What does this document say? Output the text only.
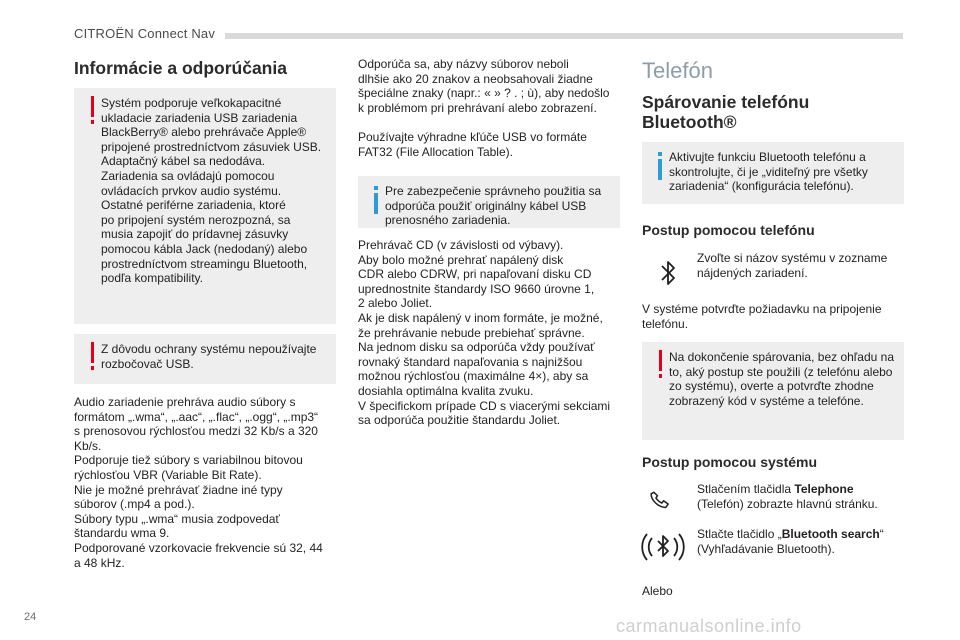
CITROËN Connect Nav
Informácie a odporúčania
Systém podporuje veľkokapacitné
ukladacie zariadenia USB zariadenia
BlackBerry® alebo prehrávače Apple®
pripojené prostredníctvom zásuviek USB.
Adaptačný kábel sa nedodáva.
Zariadenia sa ovládajú pomocou
ovládacích prvkov audio systému.
Ostatné periférne zariadenia, ktoré
po pripojení systém nerozpozná, sa
musia zapojiť do prídavnej zásuvky
pomocou kábla Jack (nedodaný) alebo
prostredníctvom streamingu Bluetooth,
podľa kompatibility.
Z dôvodu ochrany systému nepoužívajte
rozbočovač USB.
Audio zariadenie prehráva audio súbory s
formátom „.wma“, „.aac“, „.flac“, „.ogg“, „.mp3“
s prenosovou rýchlosťou medzi 32 Kb/s a 320
Kb/s.
Podporuje tiež súbory s variabilnou bitovou
rýchlosťou VBR (Variable Bit Rate).
Nie je možné prehrávať žiadne iné typy
súborov (.mp4 a pod.).
Súbory typu „.wma“ musia zodpovedať
štandardu wma 9.
Podporované vzorkovacie frekvencie sú 32, 44
a 48 kHz.
Odporúča sa, aby názvy súborov neboli
dlhšie ako 20 znakov a neobsahovali žiadne
špeciálne znaky (napr.: « » ? . ; ù), aby nedošlo
k problémom pri prehrávaní alebo zobrazení.
Používajte výhradne kľúče USB vo formáte
FAT32 (File Allocation Table).
Pre zabezpečenie správneho použitia sa
odporúča použiť originálny kábel USB
prenosného zariadenia.
Prehrávač CD (v závislosti od výbavy).
Aby bolo možné prehrať napálený disk
CDR alebo CDRW, pri napaľovaní disku CD
uprednostnite štandardy ISO 9660 úrovne 1,
2 alebo Joliet.
Ak je disk napálený v inom formáte, je možné,
že prehrávanie nebude prebiehať správne.
Na jednom disku sa odporúča vždy používať
rovnaký štandard napaľovania s najnižšou
možnou rýchlosťou (maximálne 4×), aby sa
dosiahla optimálna kvalita zvuku.
V špecifickom prípade CD s viacerými sekciami
sa odporúča použitie štandardu Joliet.
Telefón
Spárovanie telefónu
Bluetooth®
Aktivujte funkciu Bluetooth telefónu a
skontrolujte, či je „viditeľný pre všetky
zariadenia“ (konfigurácia telefónu).
Postup pomocou telefónu
Zvoľte si názov systému v zozname
nájdených zariadení.
V systéme potvrďte požiadavku na pripojenie
telefónu.
Na dokončenie spárovania, bez ohľadu na
to, aký postup ste použili (z telefónu alebo
zo systému), overte a potvrďte zhodne
zobrazený kód v systéme a telefóne.
Postup pomocou systému
Stlačením tlačidla Telephone
(Telefón) zobrazte hlavnú stránku.
Stlačte tlačidlo „Bluetooth search“
(Vyhľadávanie Bluetooth).
Alebo
24	carmanualsonline.info
